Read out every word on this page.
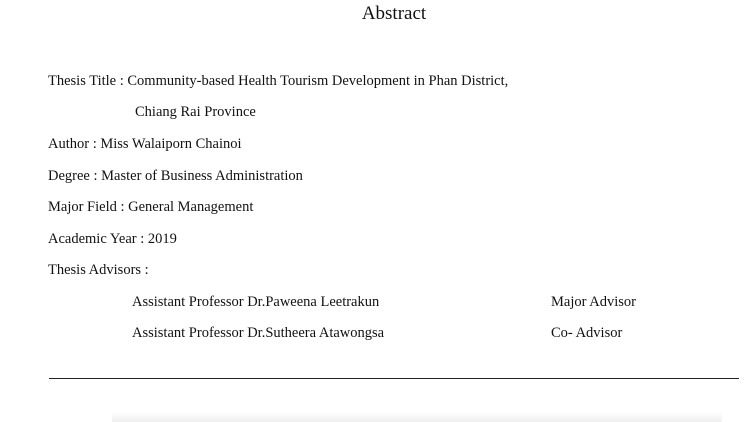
Abstract
Thesis Title : Community-based Health Tourism Development in Phan District,
Chiang Rai Province
Author : Miss Walaiporn Chainoi
Degree : Master of Business Administration
Major Field : General Management
Academic Year : 2019
Thesis Advisors :
Assistant Professor Dr.Paweena Leetrakun	Major Advisor
Assistant Professor Dr.Sutheera Atawongsa	Co- Advisor
